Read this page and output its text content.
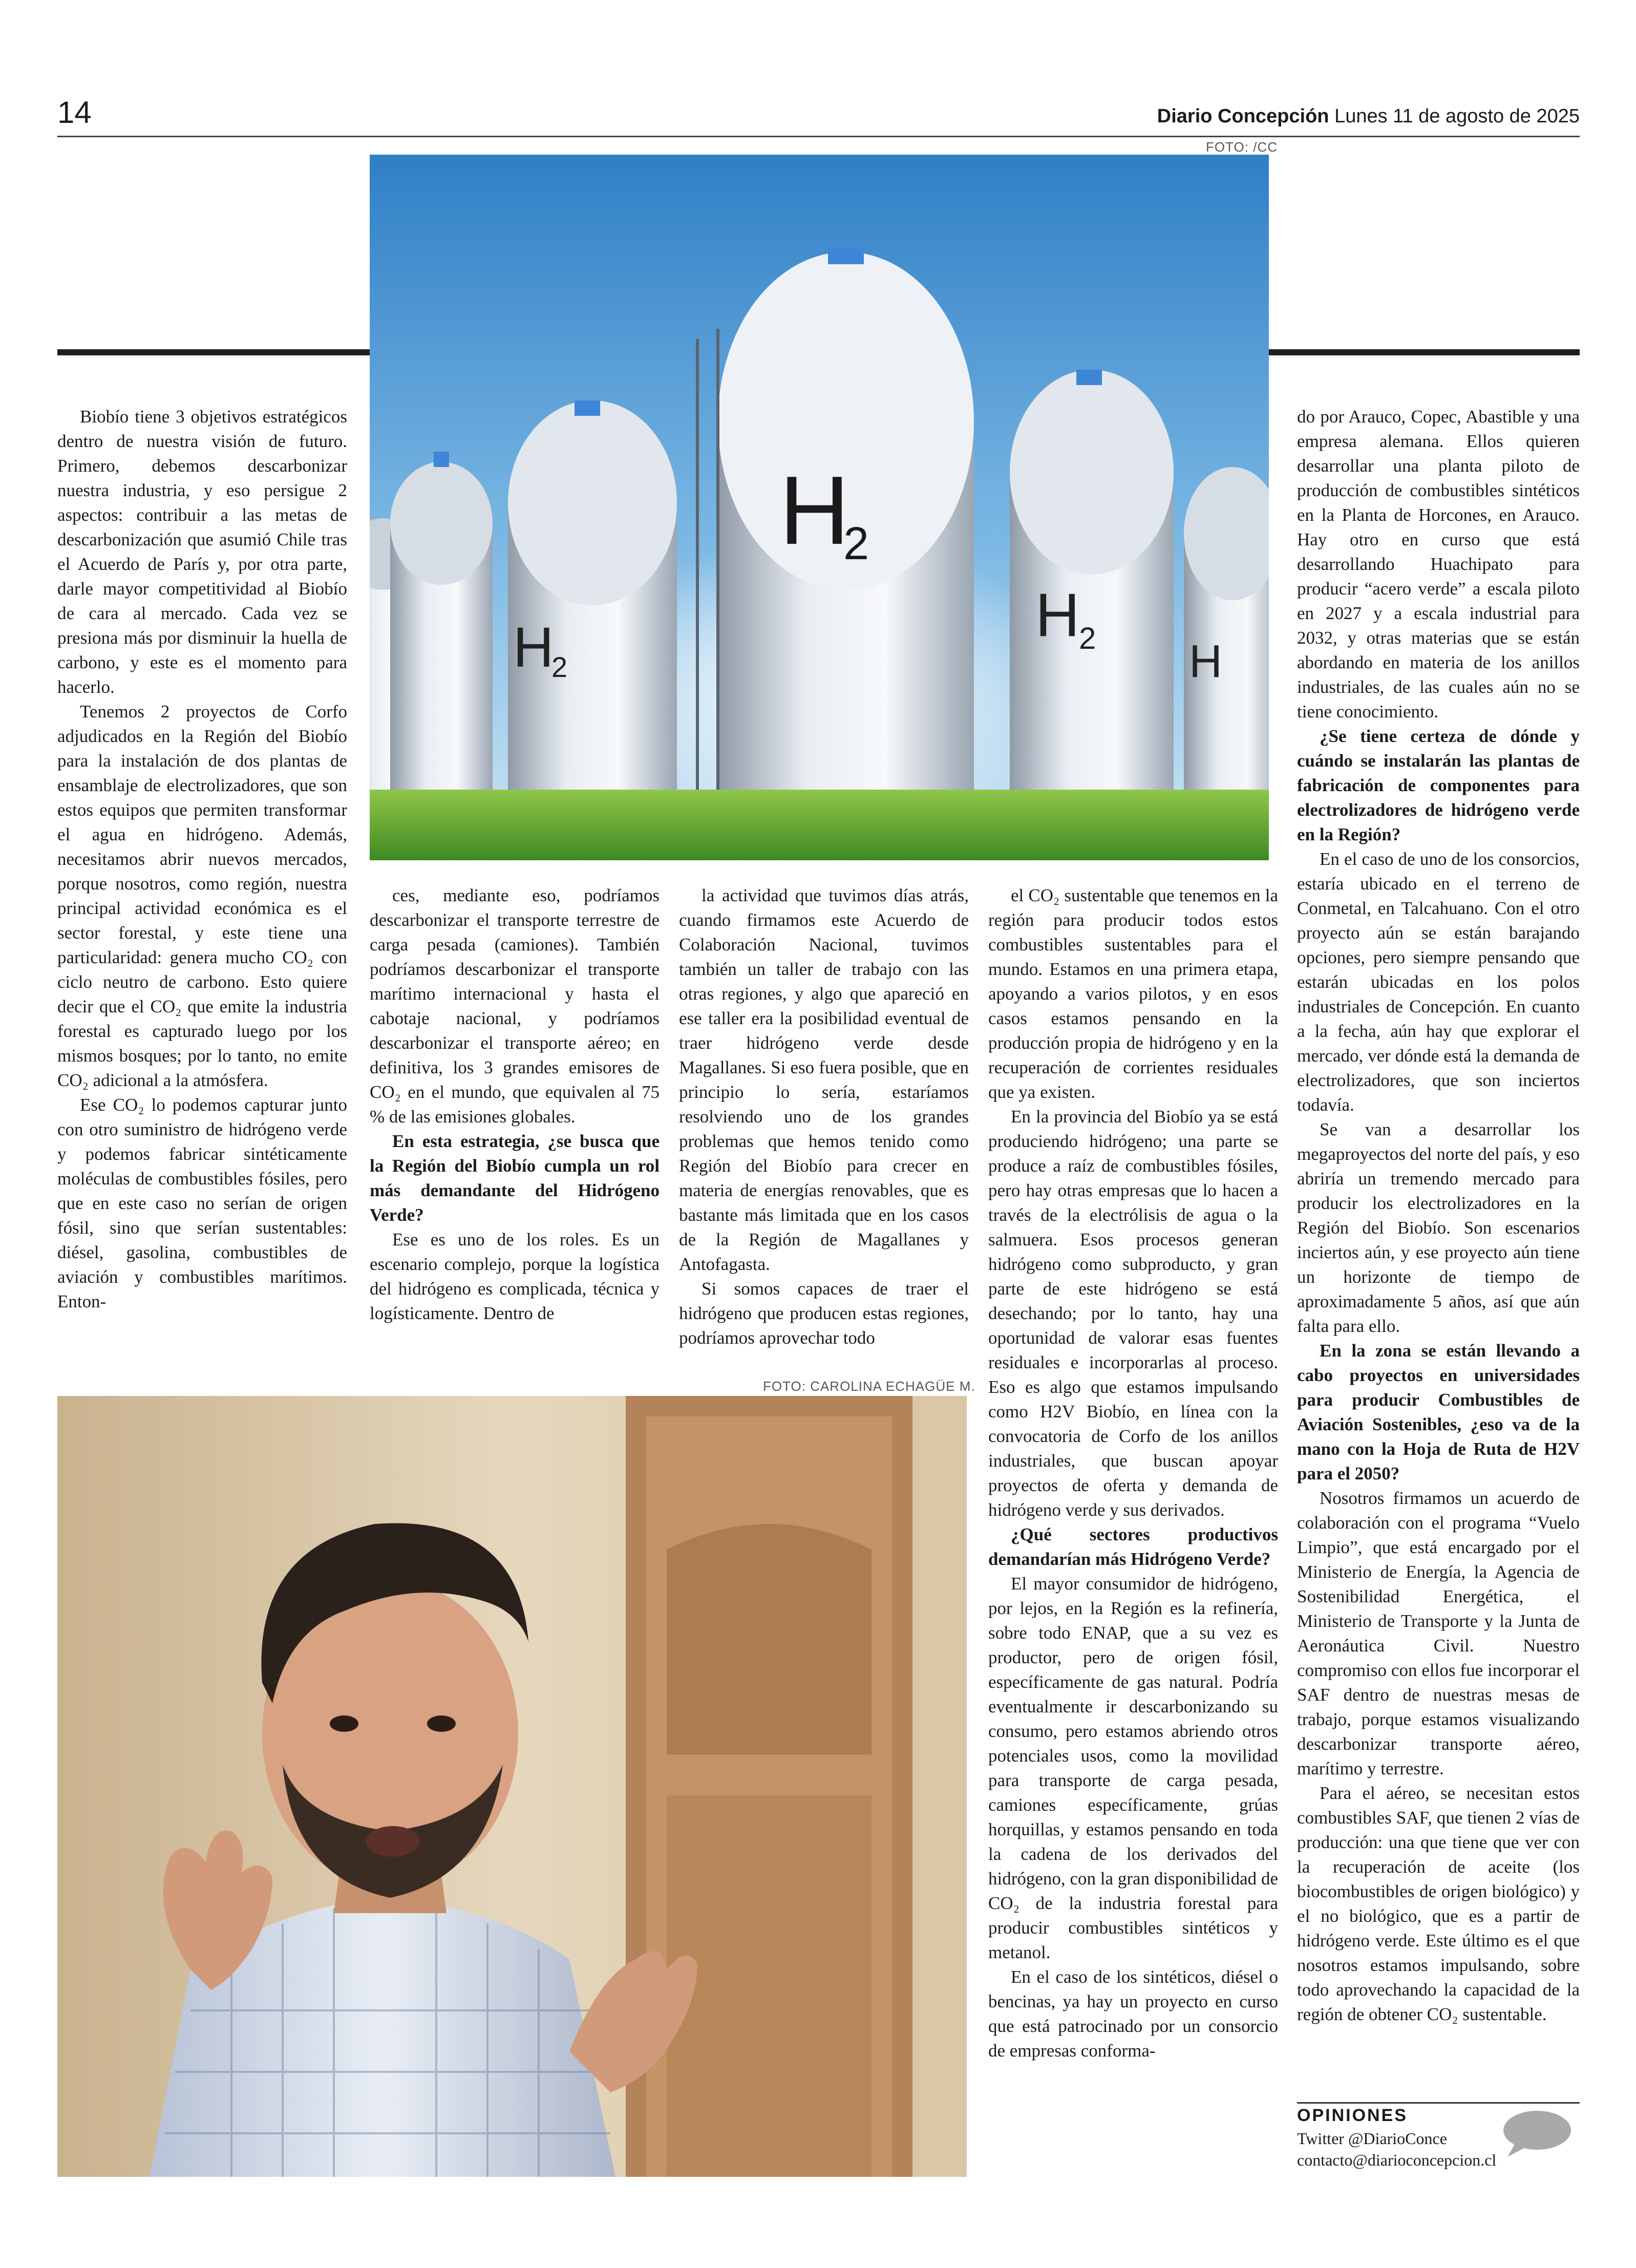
14	Diario Concepción Lunes 11 de agosto de 2025
FOTO: /CC
H
2
H
2
H
2 H

Biobío tiene 3 objetivos estratégicos dentro de nuestra visión de futuro. Primero, debemos descarbonizar nuestra industria, y eso persigue 2 aspectos: contribuir a las metas de descarbonización que asumió Chile tras el Acuerdo de París y, por otra parte, darle mayor competitividad al Biobío de cara al mercado. Cada vez se presiona más por disminuir la huella de carbono, y este es el momento para hacerlo.

Tenemos 2 proyectos de Corfo adjudicados en la Región del Biobío para la instalación de dos plantas de ensamblaje de electrolizadores, que son estos equipos que permiten transformar el agua en hidrógeno. Además, necesitamos abrir nuevos mercados, porque nosotros, como región, nuestra principal actividad económica es el sector forestal, y este tiene una particularidad: genera mucho CO₂ con ciclo neutro de carbono. Esto quiere decir que el CO₂ que emite la industria forestal es capturado luego por los mismos bosques; por lo tanto, no emite CO₂ adicional a la atmósfera.

Ese CO₂ lo podemos capturar junto con otro suministro de hidrógeno verde y podemos fabricar sintéticamente moléculas de combustibles fósiles, pero que en este caso no serían de origen fósil, sino que serían sustentables: diésel, gasolina, combustibles de aviación y combustibles marítimos. Enton-

ces, mediante eso, podríamos descarbonizar el transporte terrestre de carga pesada (camiones). También podríamos descarbonizar el transporte marítimo internacional y hasta el cabotaje nacional, y podríamos descarbonizar el transporte aéreo; en definitiva, los 3 grandes emisores de CO₂ en el mundo, que equivalen al 75 % de las emisiones globales.

En esta estrategia, ¿se busca que la Región del Biobío cumpla un rol más demandante del Hidrógeno Verde?

Ese es uno de los roles. Es un escenario complejo, porque la logística del hidrógeno es complicada, técnica y logísticamente. Dentro de

la actividad que tuvimos días atrás, cuando firmamos este Acuerdo de Colaboración Nacional, tuvimos también un taller de trabajo con las otras regiones, y algo que apareció en ese taller era la posibilidad eventual de traer hidrógeno verde desde Magallanes. Si eso fuera posible, que en principio lo sería, estaríamos resolviendo uno de los grandes problemas que hemos tenido como Región del Biobío para crecer en materia de energías renovables, que es bastante más limitada que en los casos de la Región de Magallanes y Antofagasta.

Si somos capaces de traer el hidrógeno que producen estas regiones, podríamos aprovechar todo

el CO₂ sustentable que tenemos en la región para producir todos estos combustibles sustentables para el mundo. Estamos en una primera etapa, apoyando a varios pilotos, y en esos casos estamos pensando en la producción propia de hidrógeno y en la recuperación de corrientes residuales que ya existen.

En la provincia del Biobío ya se está produciendo hidrógeno; una parte se produce a raíz de combustibles fósiles, pero hay otras empresas que lo hacen a través de la electrólisis de agua o la salmuera. Esos procesos generan hidrógeno como subproducto, y gran parte de este hidrógeno se está desechando; por lo tanto, hay una oportunidad de valorar esas fuentes residuales e incorporarlas al proceso. Eso es algo que estamos impulsando como H2V Biobío, en línea con la convocatoria de Corfo de los anillos industriales, que buscan apoyar proyectos de oferta y demanda de hidrógeno verde y sus derivados.

¿Qué sectores productivos demandarían más Hidrógeno Verde?

El mayor consumidor de hidrógeno, por lejos, en la Región es la refinería, sobre todo ENAP, que a su vez es productor, pero de origen fósil, específicamente de gas natural. Podría eventualmente ir descarbonizando su consumo, pero estamos abriendo otros potenciales usos, como la movilidad para transporte de carga pesada, camiones específicamente, grúas horquillas, y estamos pensando en toda la cadena de los derivados del hidrógeno, con la gran disponibilidad de CO₂ de la industria forestal para producir combustibles sintéticos y metanol.

En el caso de los sintéticos, diésel o bencinas, ya hay un proyecto en curso que está patrocinado por un consorcio de empresas conforma-

do por Arauco, Copec, Abastible y una empresa alemana. Ellos quieren desarrollar una planta piloto de producción de combustibles sintéticos en la Planta de Horcones, en Arauco. Hay otro en curso que está desarrollando Huachipato para producir “acero verde” a escala piloto en 2027 y a escala industrial para 2032, y otras materias que se están abordando en materia de los anillos industriales, de las cuales aún no se tiene conocimiento.

¿Se tiene certeza de dónde y cuándo se instalarán las plantas de fabricación de componentes para electrolizadores de hidrógeno verde en la Región?

En el caso de uno de los consorcios, estaría ubicado en el terreno de Conmetal, en Talcahuano. Con el otro proyecto aún se están barajando opciones, pero siempre pensando que estarán ubicadas en los polos industriales de Concepción. En cuanto a la fecha, aún hay que explorar el mercado, ver dónde está la demanda de electrolizadores, que son inciertos todavía.

Se van a desarrollar los megaproyectos del norte del país, y eso abriría un tremendo mercado para producir los electrolizadores en la Región del Biobío. Son escenarios inciertos aún, y ese proyecto aún tiene un horizonte de tiempo de aproximadamente 5 años, así que aún falta para ello.

En la zona se están llevando a cabo proyectos en universidades para producir Combustibles de Aviación Sostenibles, ¿eso va de la mano con la Hoja de Ruta de H2V para el 2050?

Nosotros firmamos un acuerdo de colaboración con el programa “Vuelo Limpio”, que está encargado por el Ministerio de Energía, la Agencia de Sostenibilidad Energética, el Ministerio de Transporte y la Junta de Aeronáutica Civil. Nuestro compromiso con ellos fue incorporar el SAF dentro de nuestras mesas de trabajo, porque estamos visualizando descarbonizar transporte aéreo, marítimo y terrestre.

Para el aéreo, se necesitan estos combustibles SAF, que tienen 2 vías de producción: una que tiene que ver con la recuperación de aceite (los biocombustibles de origen biológico) y el no biológico, que es a partir de hidrógeno verde. Este último es el que nosotros estamos impulsando, sobre todo aprovechando la capacidad de la región de obtener CO₂ sustentable.

FOTO: CAROLINA ECHAGÜE M.
OPINIONES
Twitter @DiarioConce
contacto@diarioconcepcion.cl
